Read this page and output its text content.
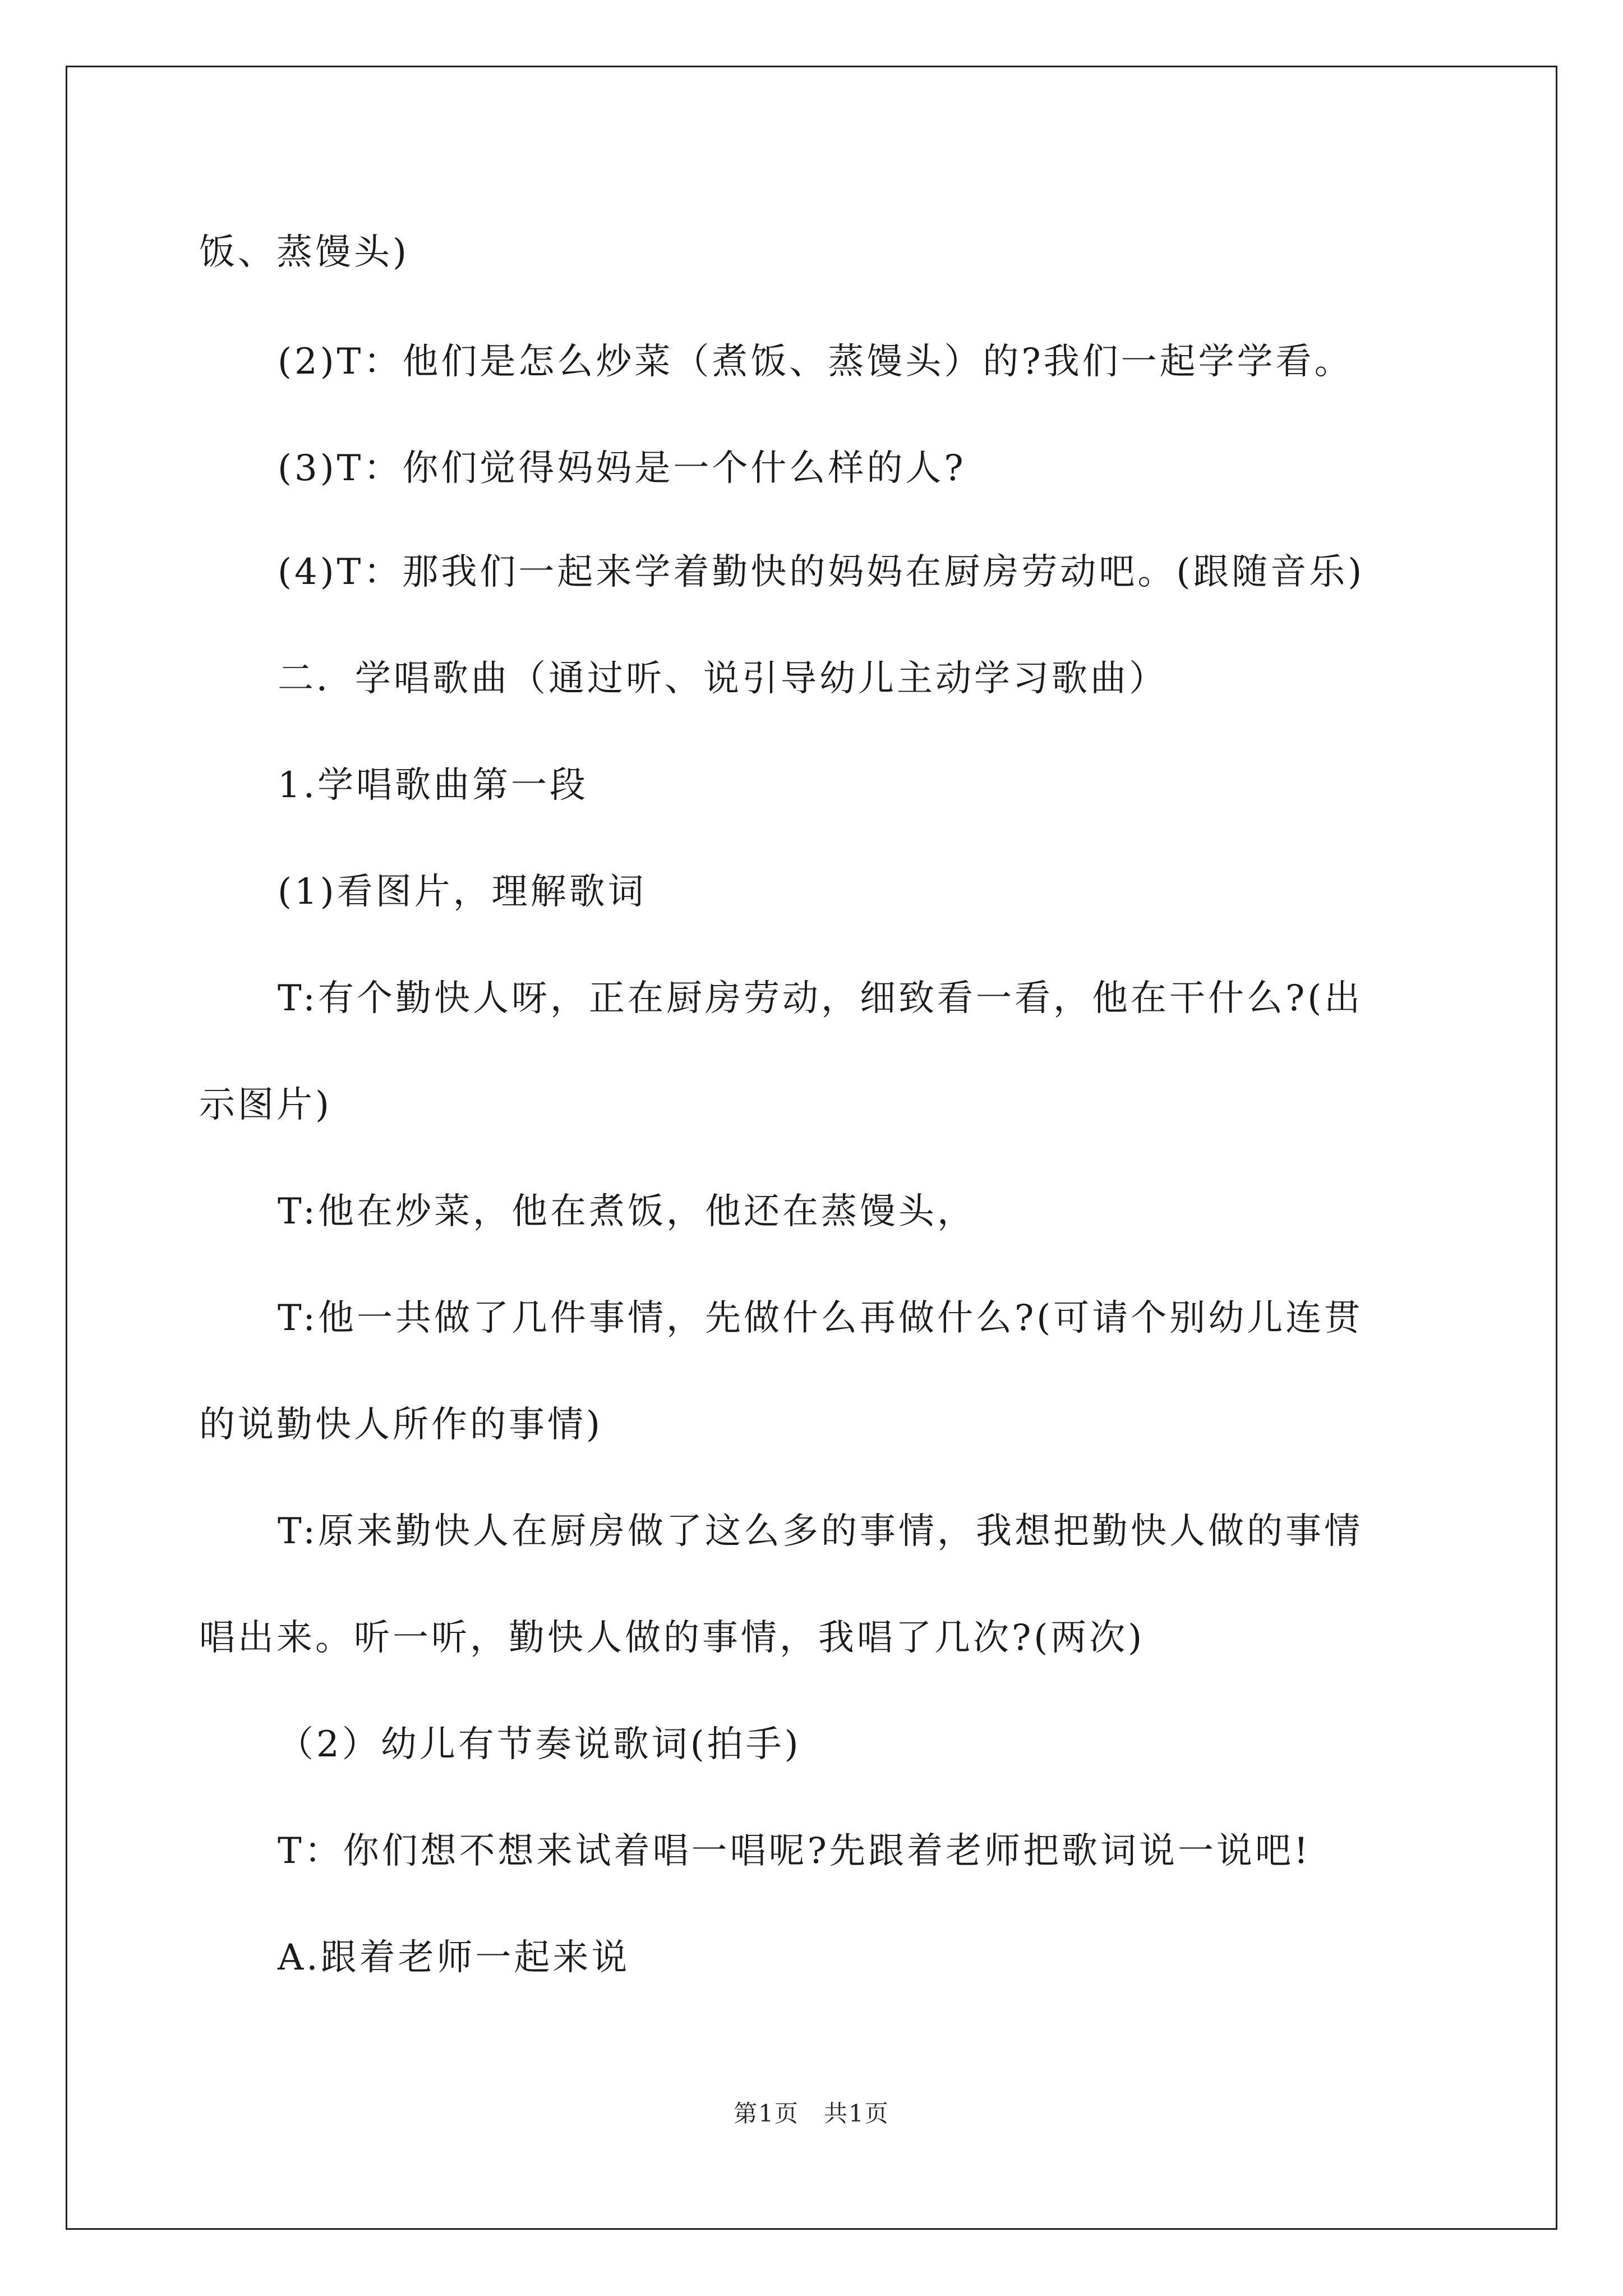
饭、蒸馒头)
(2)T：他们是怎么炒菜（煮饭、蒸馒头）的?我们一起学学看。
(3)T：你们觉得妈妈是一个什么样的人?
(4)T：那我们一起来学着勤快的妈妈在厨房劳动吧。(跟随音乐)
二．学唱歌曲（通过听、说引导幼儿主动学习歌曲）
1.学唱歌曲第一段
(1)看图片，理解歌词
T:有个勤快人呀，正在厨房劳动，细致看一看，他在干什么?(出
示图片)
T:他在炒菜，他在煮饭，他还在蒸馒头，
T:他一共做了几件事情，先做什么再做什么?(可请个别幼儿连贯
的说勤快人所作的事情)
T:原来勤快人在厨房做了这么多的事情，我想把勤快人做的事情
唱出来。听一听，勤快人做的事情，我唱了几次?(两次)
（2）幼儿有节奏说歌词(拍手)
T：你们想不想来试着唱一唱呢?先跟着老师把歌词说一说吧!
A.跟着老师一起来说
第1页　共1页
